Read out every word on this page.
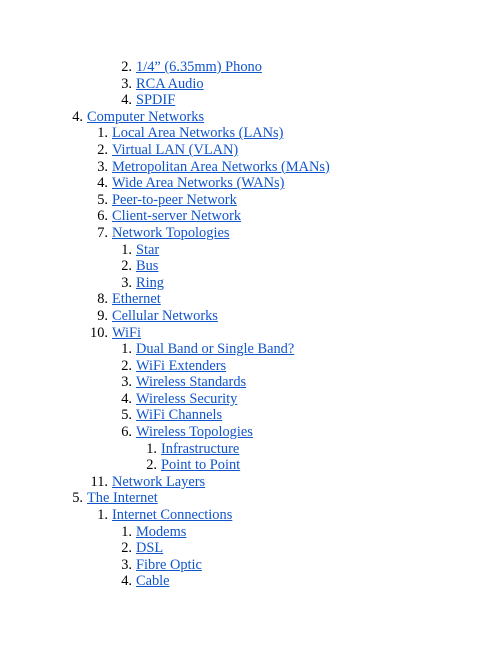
2. 1/4” (6.35mm) Phono
3. RCA Audio
4. SPDIF
4. Computer Networks
1. Local Area Networks (LANs)
2. Virtual LAN (VLAN)
3. Metropolitan Area Networks (MANs)
4. Wide Area Networks (WANs)
5. Peer-to-peer Network
6. Client-server Network
7. Network Topologies
1. Star
2. Bus
3. Ring
8. Ethernet
9. Cellular Networks
10. WiFi
1. Dual Band or Single Band?
2. WiFi Extenders
3. Wireless Standards
4. Wireless Security
5. WiFi Channels
6. Wireless Topologies
1. Infrastructure
2. Point to Point
11. Network Layers
5. The Internet
1. Internet Connections
1. Modems
2. DSL
3. Fibre Optic
4. Cable
